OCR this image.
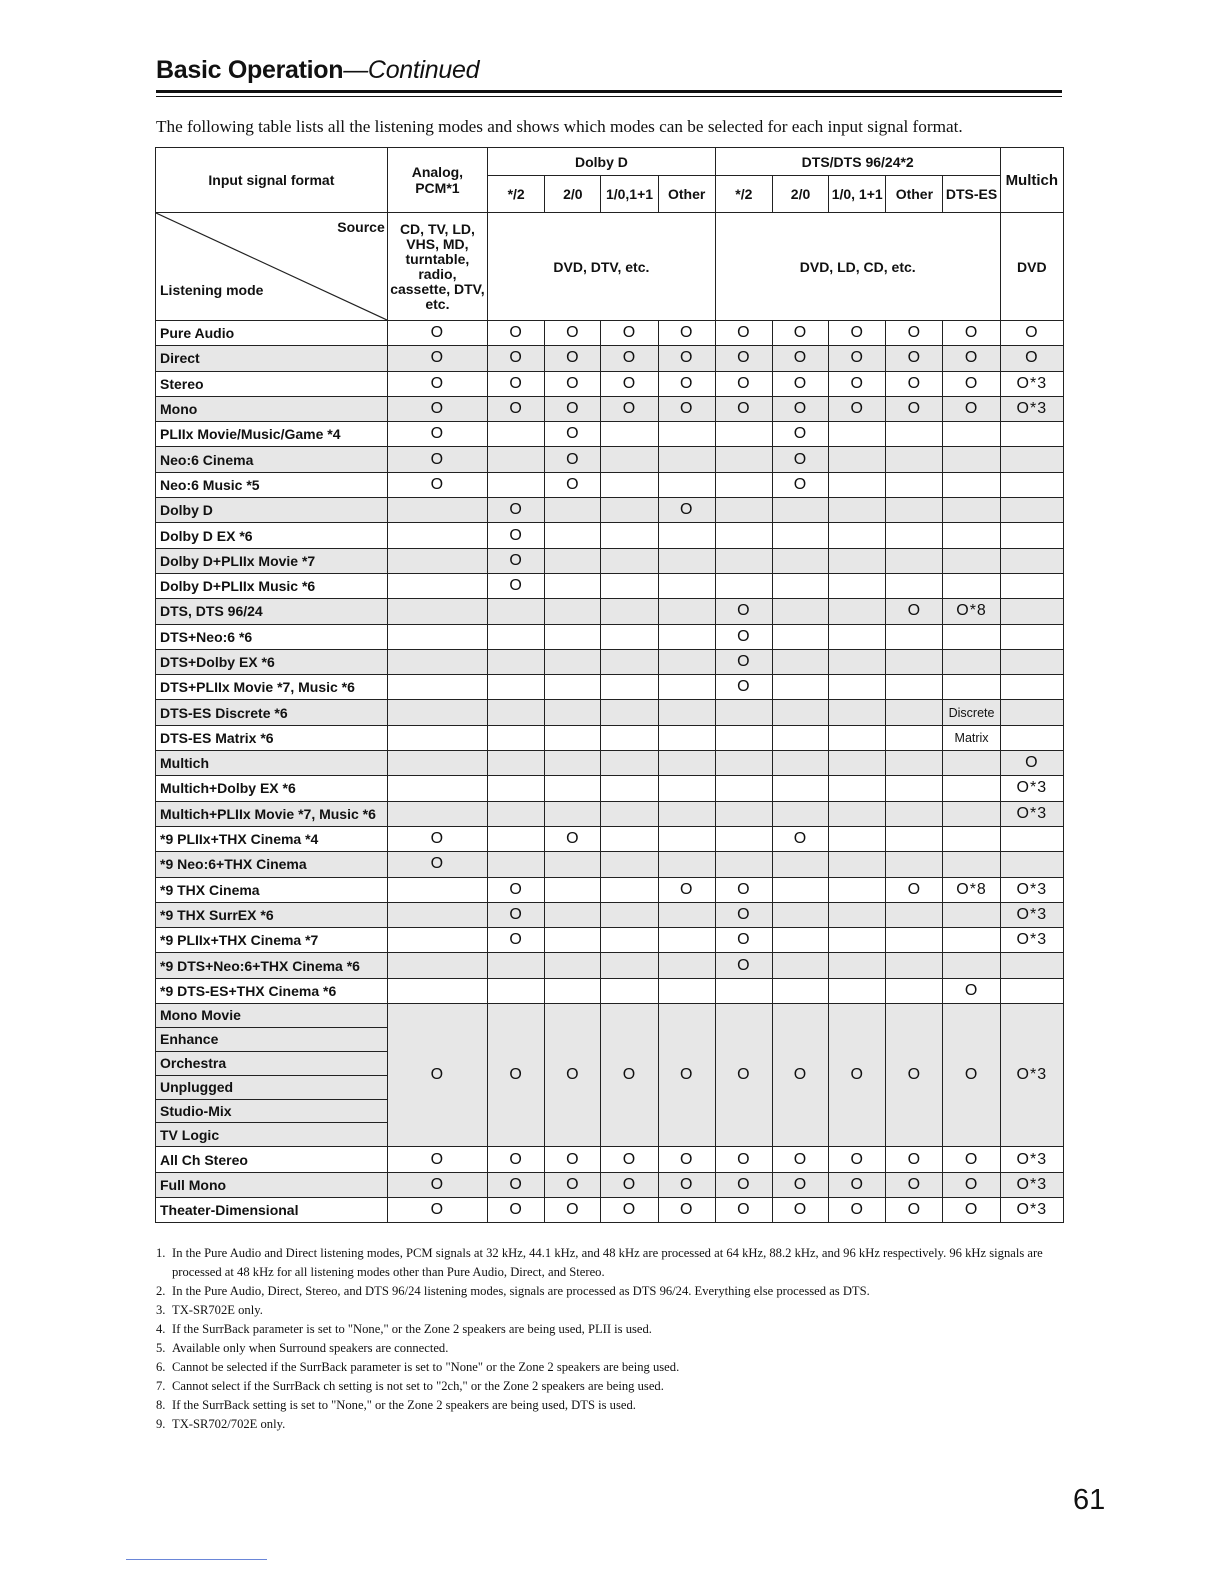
Basic Operation—Continued
The following table lists all the listening modes and shows which modes can be selected for each input signal format.
Input signal format	Analog, PCM*1	Dolby D				DTS/DTS 96/24*2					Multich
		*/2	2/0	1/0,1+1	Other	*/2	2/0	1/0, 1+1	Other	DTS-ES	

Source
Listening mode	CD, TV, LD, VHS, MD, turntable, radio, cassette, DTV, etc.	DVD, DTV, etc.				DVD, LD, CD, etc.					DVD
Pure Audio	O	O	O	O	O	O	O	O	O	O	O
Direct	O	O	O	O	O	O	O	O	O	O	O
Stereo	O	O	O	O	O	O	O	O	O	O	O*3
Mono	O	O	O	O	O	O	O	O	O	O	O*3
PLIIx Movie/Music/Game *4	O		O				O				
Neo:6 Cinema	O		O				O				
Neo:6 Music *5	O		O				O				
Dolby D		O			O						
Dolby D EX *6		O									
Dolby D+PLIIx Movie *7		O									
Dolby D+PLIIx Music *6		O									
DTS, DTS 96/24						O			O	O*8	
DTS+Neo:6 *6						O					
DTS+Dolby EX *6						O					
DTS+PLIIx Movie *7, Music *6						O					
DTS-ES Discrete *6										Discrete	
DTS-ES Matrix *6										Matrix	
Multich											O
Multich+Dolby EX *6											O*3
Multich+PLIIx Movie *7, Music *6											O*3
*9 PLIIx+THX Cinema *4	O		O				O				
*9 Neo:6+THX Cinema	O										
*9 THX Cinema		O			O	O			O	O*8	O*3
*9 THX SurrEX *6		O				O					O*3
*9 PLIIx+THX Cinema *7		O				O					O*3
*9 DTS+Neo:6+THX Cinema *6						O					
*9 DTS-ES+THX Cinema *6										O	
Mono Movie	O	O	O	O	O	O	O	O	O	O	O*3
Enhance											
Orchestra											
Unplugged											
Studio-Mix											
TV Logic											
All Ch Stereo	O	O	O	O	O	O	O	O	O	O	O*3
Full Mono	O	O	O	O	O	O	O	O	O	O	O*3
Theater-Dimensional	O	O	O	O	O	O	O	O	O	O	O*3
1. In the Pure Audio and Direct listening modes, PCM signals at 32 kHz, 44.1 kHz, and 48 kHz are processed at 64 kHz, 88.2 kHz, and 96 kHz respectively. 96 kHz signals are processed at 48 kHz for all listening modes other than Pure Audio, Direct, and Stereo.
2. In the Pure Audio, Direct, Stereo, and DTS 96/24 listening modes, signals are processed as DTS 96/24. Everything else processed as DTS.
3. TX-SR702E only.
4. If the SurrBack parameter is set to "None," or the Zone 2 speakers are being used, PLII is used.
5. Available only when Surround speakers are connected.
6. Cannot be selected if the SurrBack parameter is set to "None" or the Zone 2 speakers are being used.
7. Cannot select if the SurrBack ch setting is not set to "2ch," or the Zone 2 speakers are being used.
8. If the SurrBack setting is set to "None," or the Zone 2 speakers are being used, DTS is used.
9. TX-SR702/702E only.
61
